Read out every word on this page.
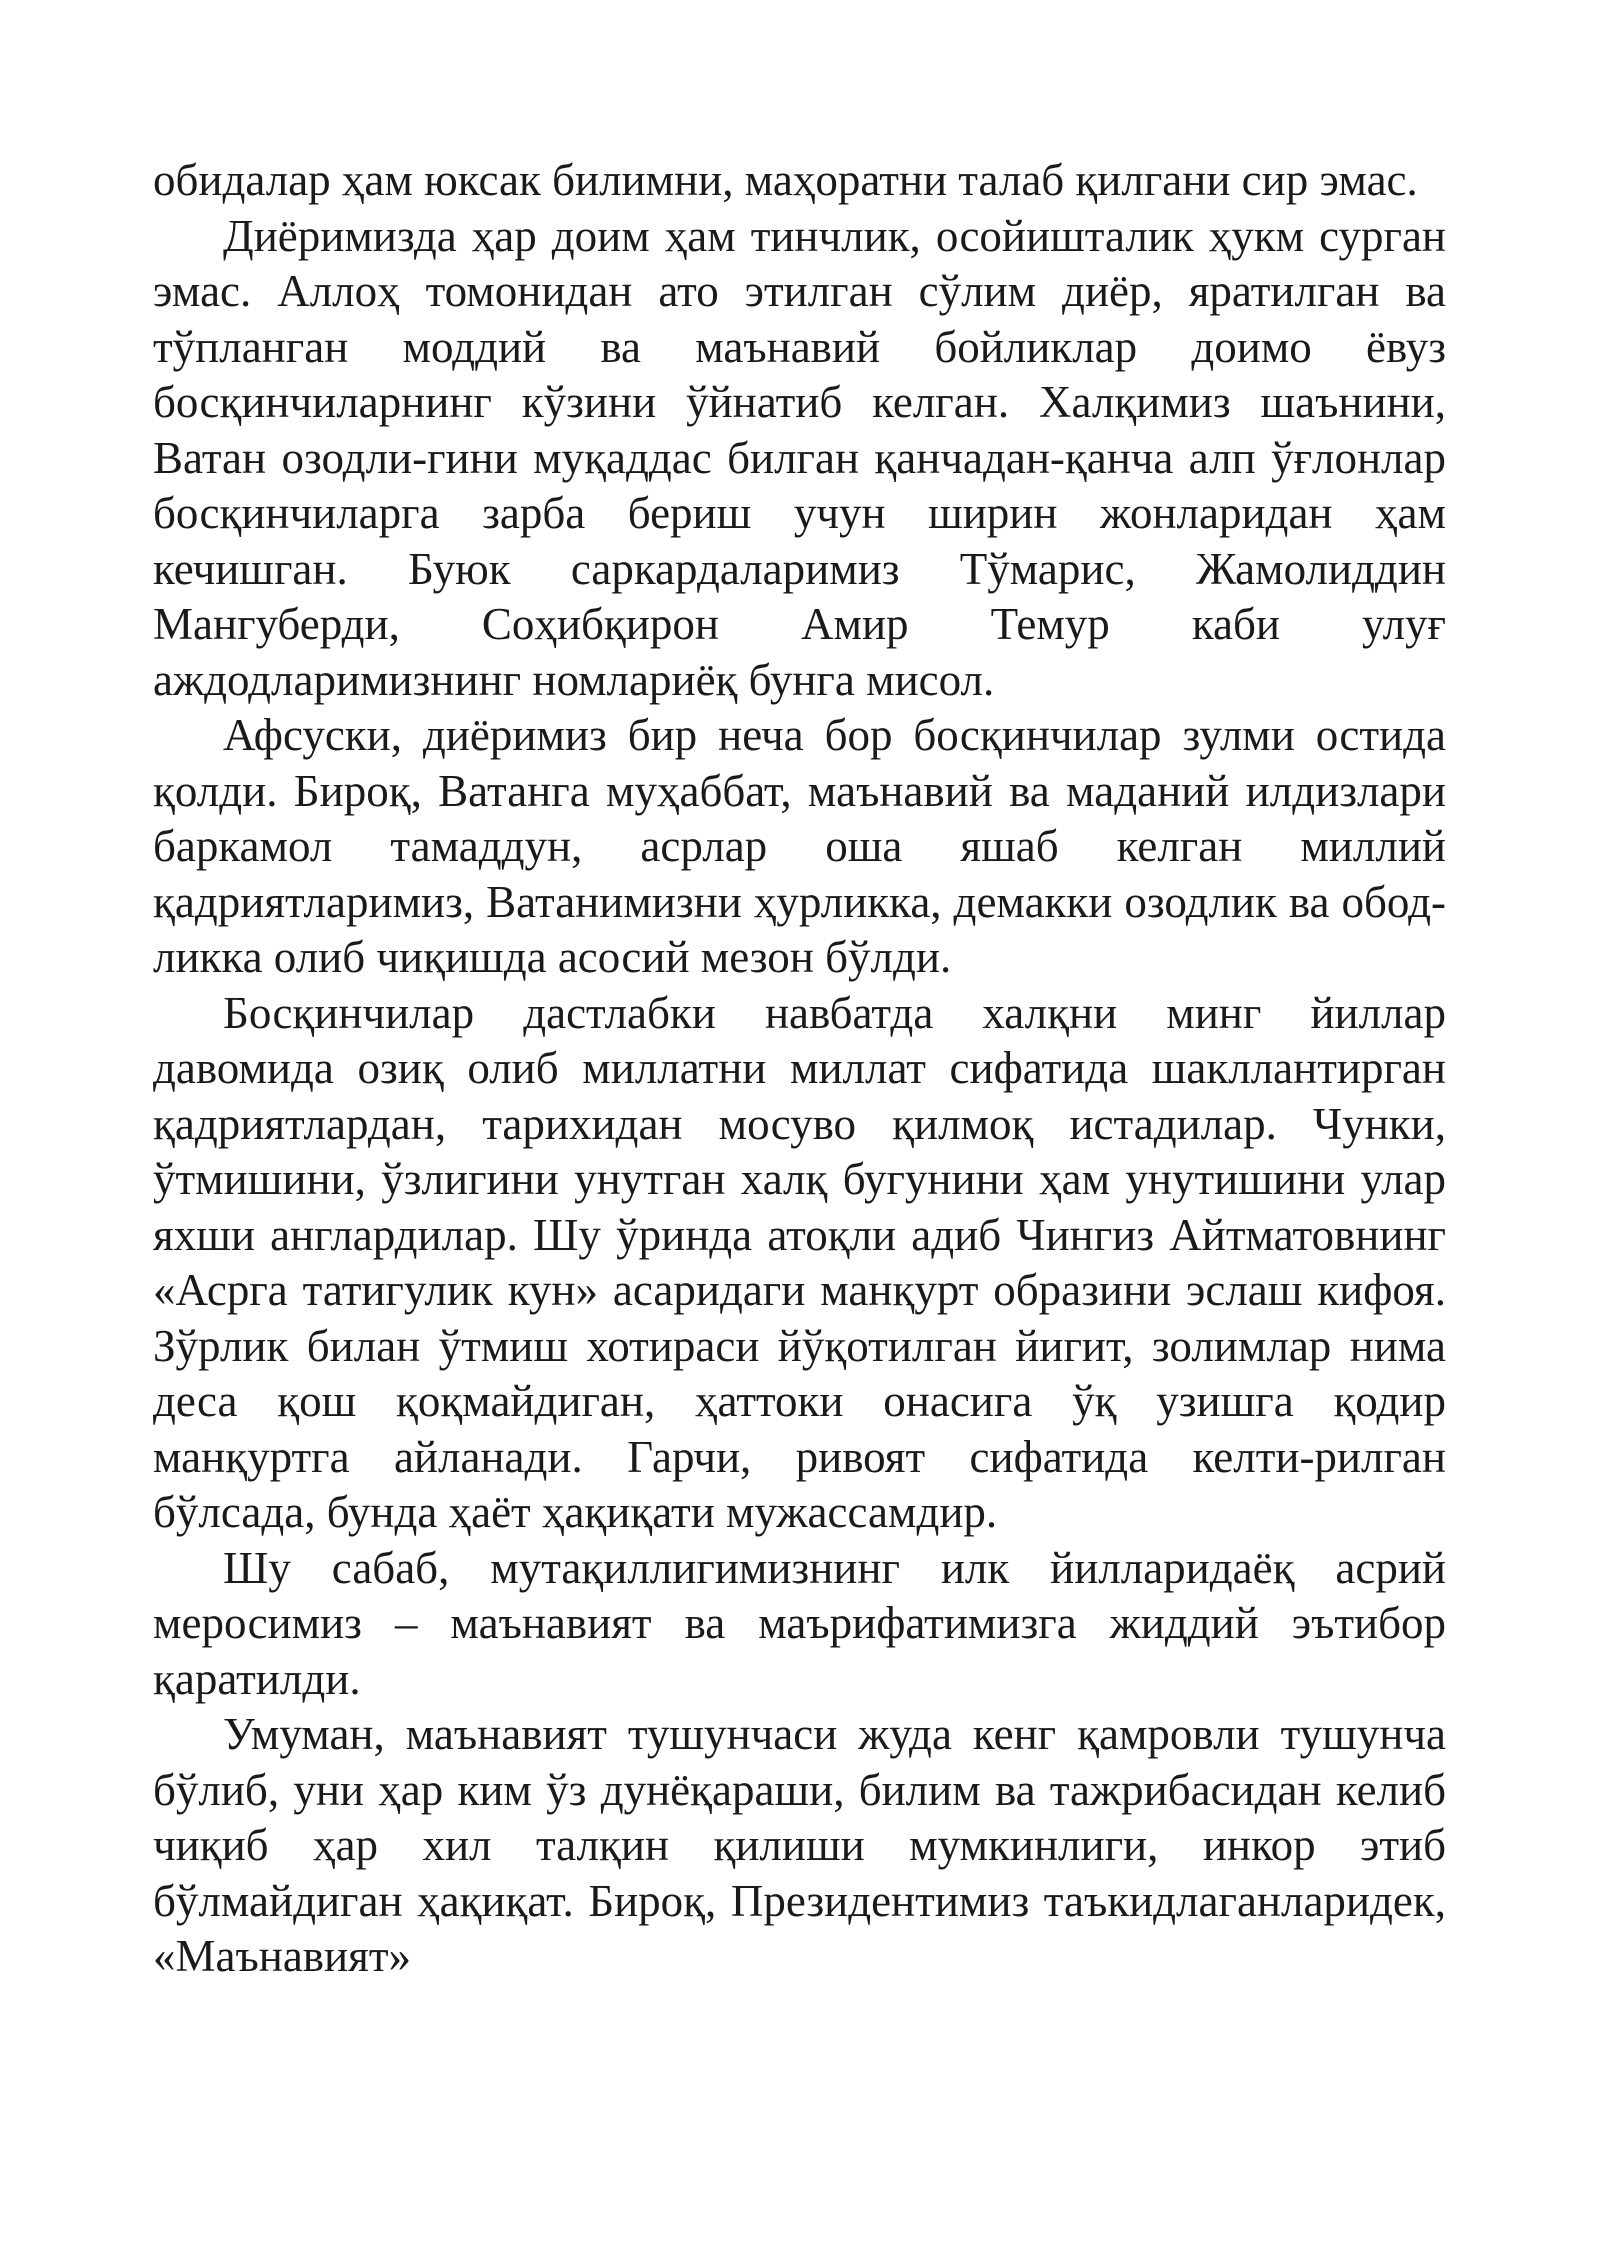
обидалар ҳам юксак билимни, маҳоратни талаб қилгани сир эмас.

Диёримизда ҳар доим ҳам тинчлик, осойишталик ҳукм сурган эмас. Аллоҳ томонидан ато этилган сўлим диёр, яратилган ва тўпланган моддий ва маънавий бойликлар доимо ёвуз босқинчиларнинг кўзини ўйнатиб келган. Халқимиз шаънини, Ватан озодли-гини муқаддас билган қанчадан-қанча алп ўғлонлар босқинчиларга зарба бериш учун ширин жонларидан ҳам кечишган. Буюк саркардаларимиз Тўмарис, Жамолиддин Мангуберди, Соҳибқирон Амир Темур каби улуғ аждодларимизнинг номлариёқ бунга мисол.

Афсуски, диёримиз бир неча бор босқинчилар зулми остида қолди. Бироқ, Ватанга муҳаббат, маънавий ва маданий илдизлари баркамол тамаддун, асрлар оша яшаб келган миллий қадриятларимиз, Ватанимизни ҳурликка, демакки озодлик ва обод-ликка олиб чиқишда асосий мезон бўлди.

Босқинчилар дастлабки навбатда халқни минг йиллар давомида озиқ олиб миллатни миллат сифатида шакллантирган қадриятлардан, тарихидан мосуво қилмоқ истадилар. Чунки, ўтмишини, ўзлигини унутган халқ бугунини ҳам унутишини улар яхши англардилар. Шу ўринда атоқли адиб Чингиз Айтматовнинг «Асрга татигулик кун» асаридаги манқурт образини эслаш кифоя. Зўрлик билан ўтмиш хотираси йўқотилган йигит, золимлар нима деса қош қоқмайдиган, ҳаттоки онасига ўқ узишга қодир манқуртга айланади. Гарчи, ривоят сифатида келти-рилган бўлсада, бунда ҳаёт ҳақиқати мужассамдир.

Шу сабаб, мутақиллигимизнинг илк йилларидаёқ асрий меросимиз – маънавият ва маърифатимизга жиддий эътибор қаратилди.

Умуман, маънавият тушунчаси жуда кенг қамровли тушунча бўлиб, уни ҳар ким ўз дунёқараши, билим ва тажрибасидан келиб чиқиб ҳар хил талқин қилиши мумкинлиги, инкор этиб бўлмайдиган ҳақиқат. Бироқ, Президентимиз таъкидлаганларидек, «Маънавият»
